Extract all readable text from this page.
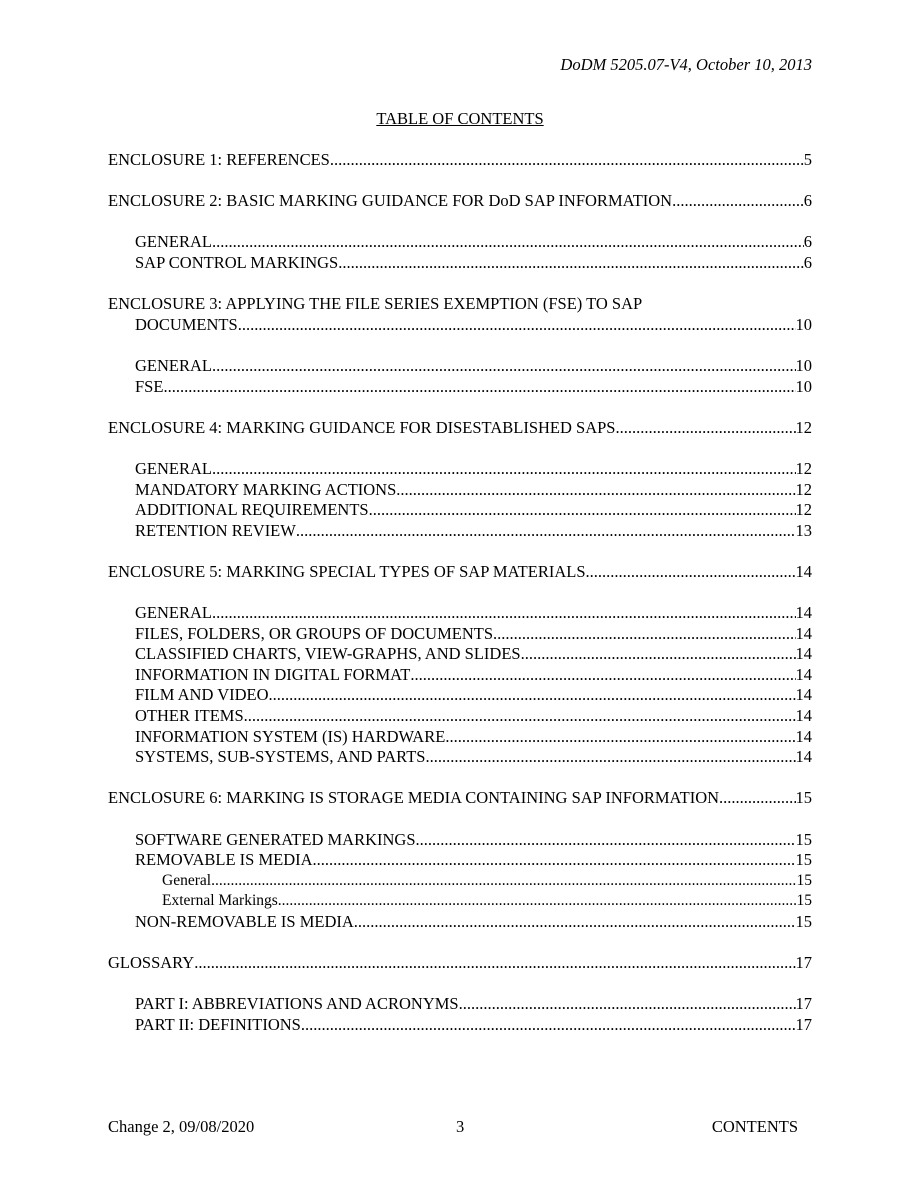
DoDM 5205.07-V4, October 10, 2013
TABLE OF CONTENTS
ENCLOSURE 1: REFERENCES .....	5
ENCLOSURE 2: BASIC MARKING GUIDANCE FOR DoD SAP INFORMATION .....	6
GENERAL .....	6
SAP CONTROL MARKINGS .....	6
ENCLOSURE 3: APPLYING THE FILE SERIES EXEMPTION (FSE) TO SAP
DOCUMENTS .....	10
GENERAL .....	10
FSE .....	10
ENCLOSURE 4: MARKING GUIDANCE FOR DISESTABLISHED SAPS .....	12
GENERAL .....	12
MANDATORY MARKING ACTIONS .....	12
ADDITIONAL REQUIREMENTS .....	12
RETENTION REVIEW .....	13
ENCLOSURE 5: MARKING SPECIAL TYPES OF SAP MATERIALS .....	14
GENERAL .....	14
FILES, FOLDERS, OR GROUPS OF DOCUMENTS .....	14
CLASSIFIED CHARTS, VIEW-GRAPHS, AND SLIDES .....	14
INFORMATION IN DIGITAL FORMAT .....	14
FILM AND VIDEO .....	14
OTHER ITEMS .....	14
INFORMATION SYSTEM (IS) HARDWARE .....	14
SYSTEMS, SUB-SYSTEMS, AND PARTS .....	14
ENCLOSURE 6: MARKING IS STORAGE MEDIA CONTAINING SAP INFORMATION .....	15
SOFTWARE GENERATED MARKINGS .....	15
REMOVABLE IS MEDIA .....	15
General .....	15
External Markings .....	15
NON-REMOVABLE IS MEDIA .....	15
GLOSSARY .....	17
PART I: ABBREVIATIONS AND ACRONYMS .....	17
PART II: DEFINITIONS .....	17
Change 2, 09/08/2020	3	CONTENTS
